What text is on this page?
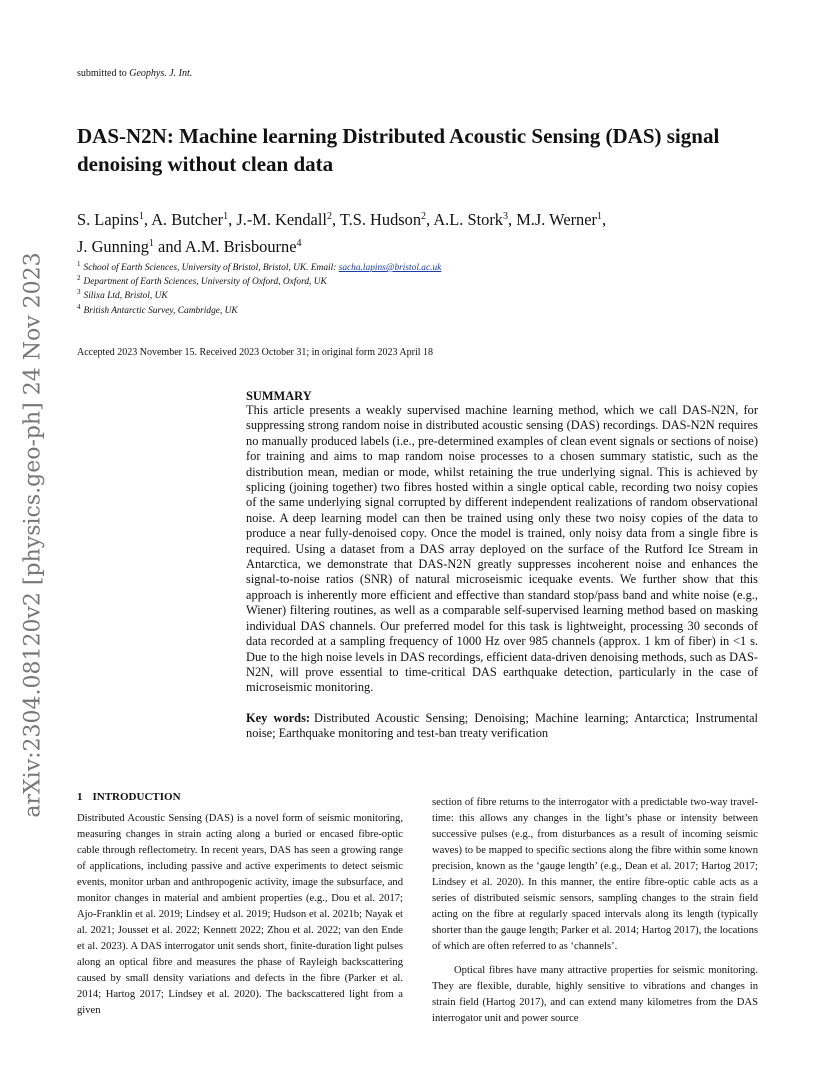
submitted to Geophys. J. Int.
arXiv:2304.08120v2 [physics.geo-ph] 24 Nov 2023
DAS-N2N: Machine learning Distributed Acoustic Sensing (DAS) signal denoising without clean data
S. Lapins$^1$, A. Butcher$^1$, J.-M. Kendall$^2$, T.S. Hudson$^2$, A.L. Stork$^3$, M.J. Werner$^1$,
J. Gunning$^1$ and A.M. Brisbourne$^4$
$^1$ School of Earth Sciences, University of Bristol, Bristol, UK. Email: sacha.lapins@bristol.ac.uk
$^2$ Department of Earth Sciences, University of Oxford, Oxford, UK
$^3$ Silixa Ltd, Bristol, UK
$^4$ British Antarctic Survey, Cambridge, UK
Accepted 2023 November 15. Received 2023 October 31; in original form 2023 April 18
SUMMARY

This article presents a weakly supervised machine learning method, which we call DAS-N2N, for suppressing strong random noise in distributed acoustic sensing (DAS) recordings. DAS-N2N requires no manually produced labels (i.e., pre-determined examples of clean event signals or sections of noise) for training and aims to map random noise processes to a chosen summary statistic, such as the distribution mean, median or mode, whilst retaining the true underlying signal. This is achieved by splicing (joining together) two fibres hosted within a single optical cable, recording two noisy copies of the same underlying signal corrupted by different independent realizations of random observational noise. A deep learning model can then be trained using only these two noisy copies of the data to produce a near fully-denoised copy. Once the model is trained, only noisy data from a single fibre is required. Using a dataset from a DAS array deployed on the surface of the Rutford Ice Stream in Antarctica, we demonstrate that DAS-N2N greatly suppresses incoherent noise and enhances the signal-to-noise ratios (SNR) of natural microseismic icequake events. We further show that this approach is inherently more efficient and effective than standard stop/pass band and white noise (e.g., Wiener) filtering routines, as well as a comparable self-supervised learning method based on masking individual DAS channels. Our preferred model for this task is lightweight, processing 30 seconds of data recorded at a sampling frequency of 1000 Hz over 985 channels (approx. 1 km of fiber) in <1 s. Due to the high noise levels in DAS recordings, efficient data-driven denoising methods, such as DAS-N2N, will prove essential to time-critical DAS earthquake detection, particularly in the case of microseismic monitoring.

Key words: Distributed Acoustic Sensing; Denoising; Machine learning; Antarctica; Instrumental noise; Earthquake monitoring and test-ban treaty verification

1 INTRODUCTION

Distributed Acoustic Sensing (DAS) is a novel form of seismic monitoring, measuring changes in strain acting along a buried or encased fibre-optic cable through reflectometry. In recent years, DAS has seen a growing range of applications, including passive and active experiments to detect seismic events, monitor urban and anthropogenic activity, image the subsurface, and monitor changes in material and ambient properties (e.g., Dou et al. 2017; Ajo-Franklin et al. 2019; Lindsey et al. 2019; Hudson et al. 2021b; Nayak et al. 2021; Jousset et al. 2022; Kennett 2022; Zhou et al. 2022; van den Ende et al. 2023). A DAS interrogator unit sends short, finite-duration light pulses along an optical fibre and measures the phase of Rayleigh backscattering caused by small density variations and defects in the fibre (Parker et al. 2014; Hartog 2017; Lindsey et al. 2020). The backscattered light from a given

section of fibre returns to the interrogator with a predictable two-way travel-time: this allows any changes in the light’s phase or intensity between successive pulses (e.g., from disturbances as a result of incoming seismic waves) to be mapped to specific sections along the fibre within some known precision, known as the ‘gauge length’ (e.g., Dean et al. 2017; Hartog 2017; Lindsey et al. 2020). In this manner, the entire fibre-optic cable acts as a series of distributed seismic sensors, sampling changes to the strain field acting on the fibre at regularly spaced intervals along its length (typically shorter than the gauge length; Parker et al. 2014; Hartog 2017), the locations of which are often referred to as ‘channels’.

Optical fibres have many attractive properties for seismic monitoring. They are flexible, durable, highly sensitive to vibrations and changes in strain field (Hartog 2017), and can extend many kilometres from the DAS interrogator unit and power source
